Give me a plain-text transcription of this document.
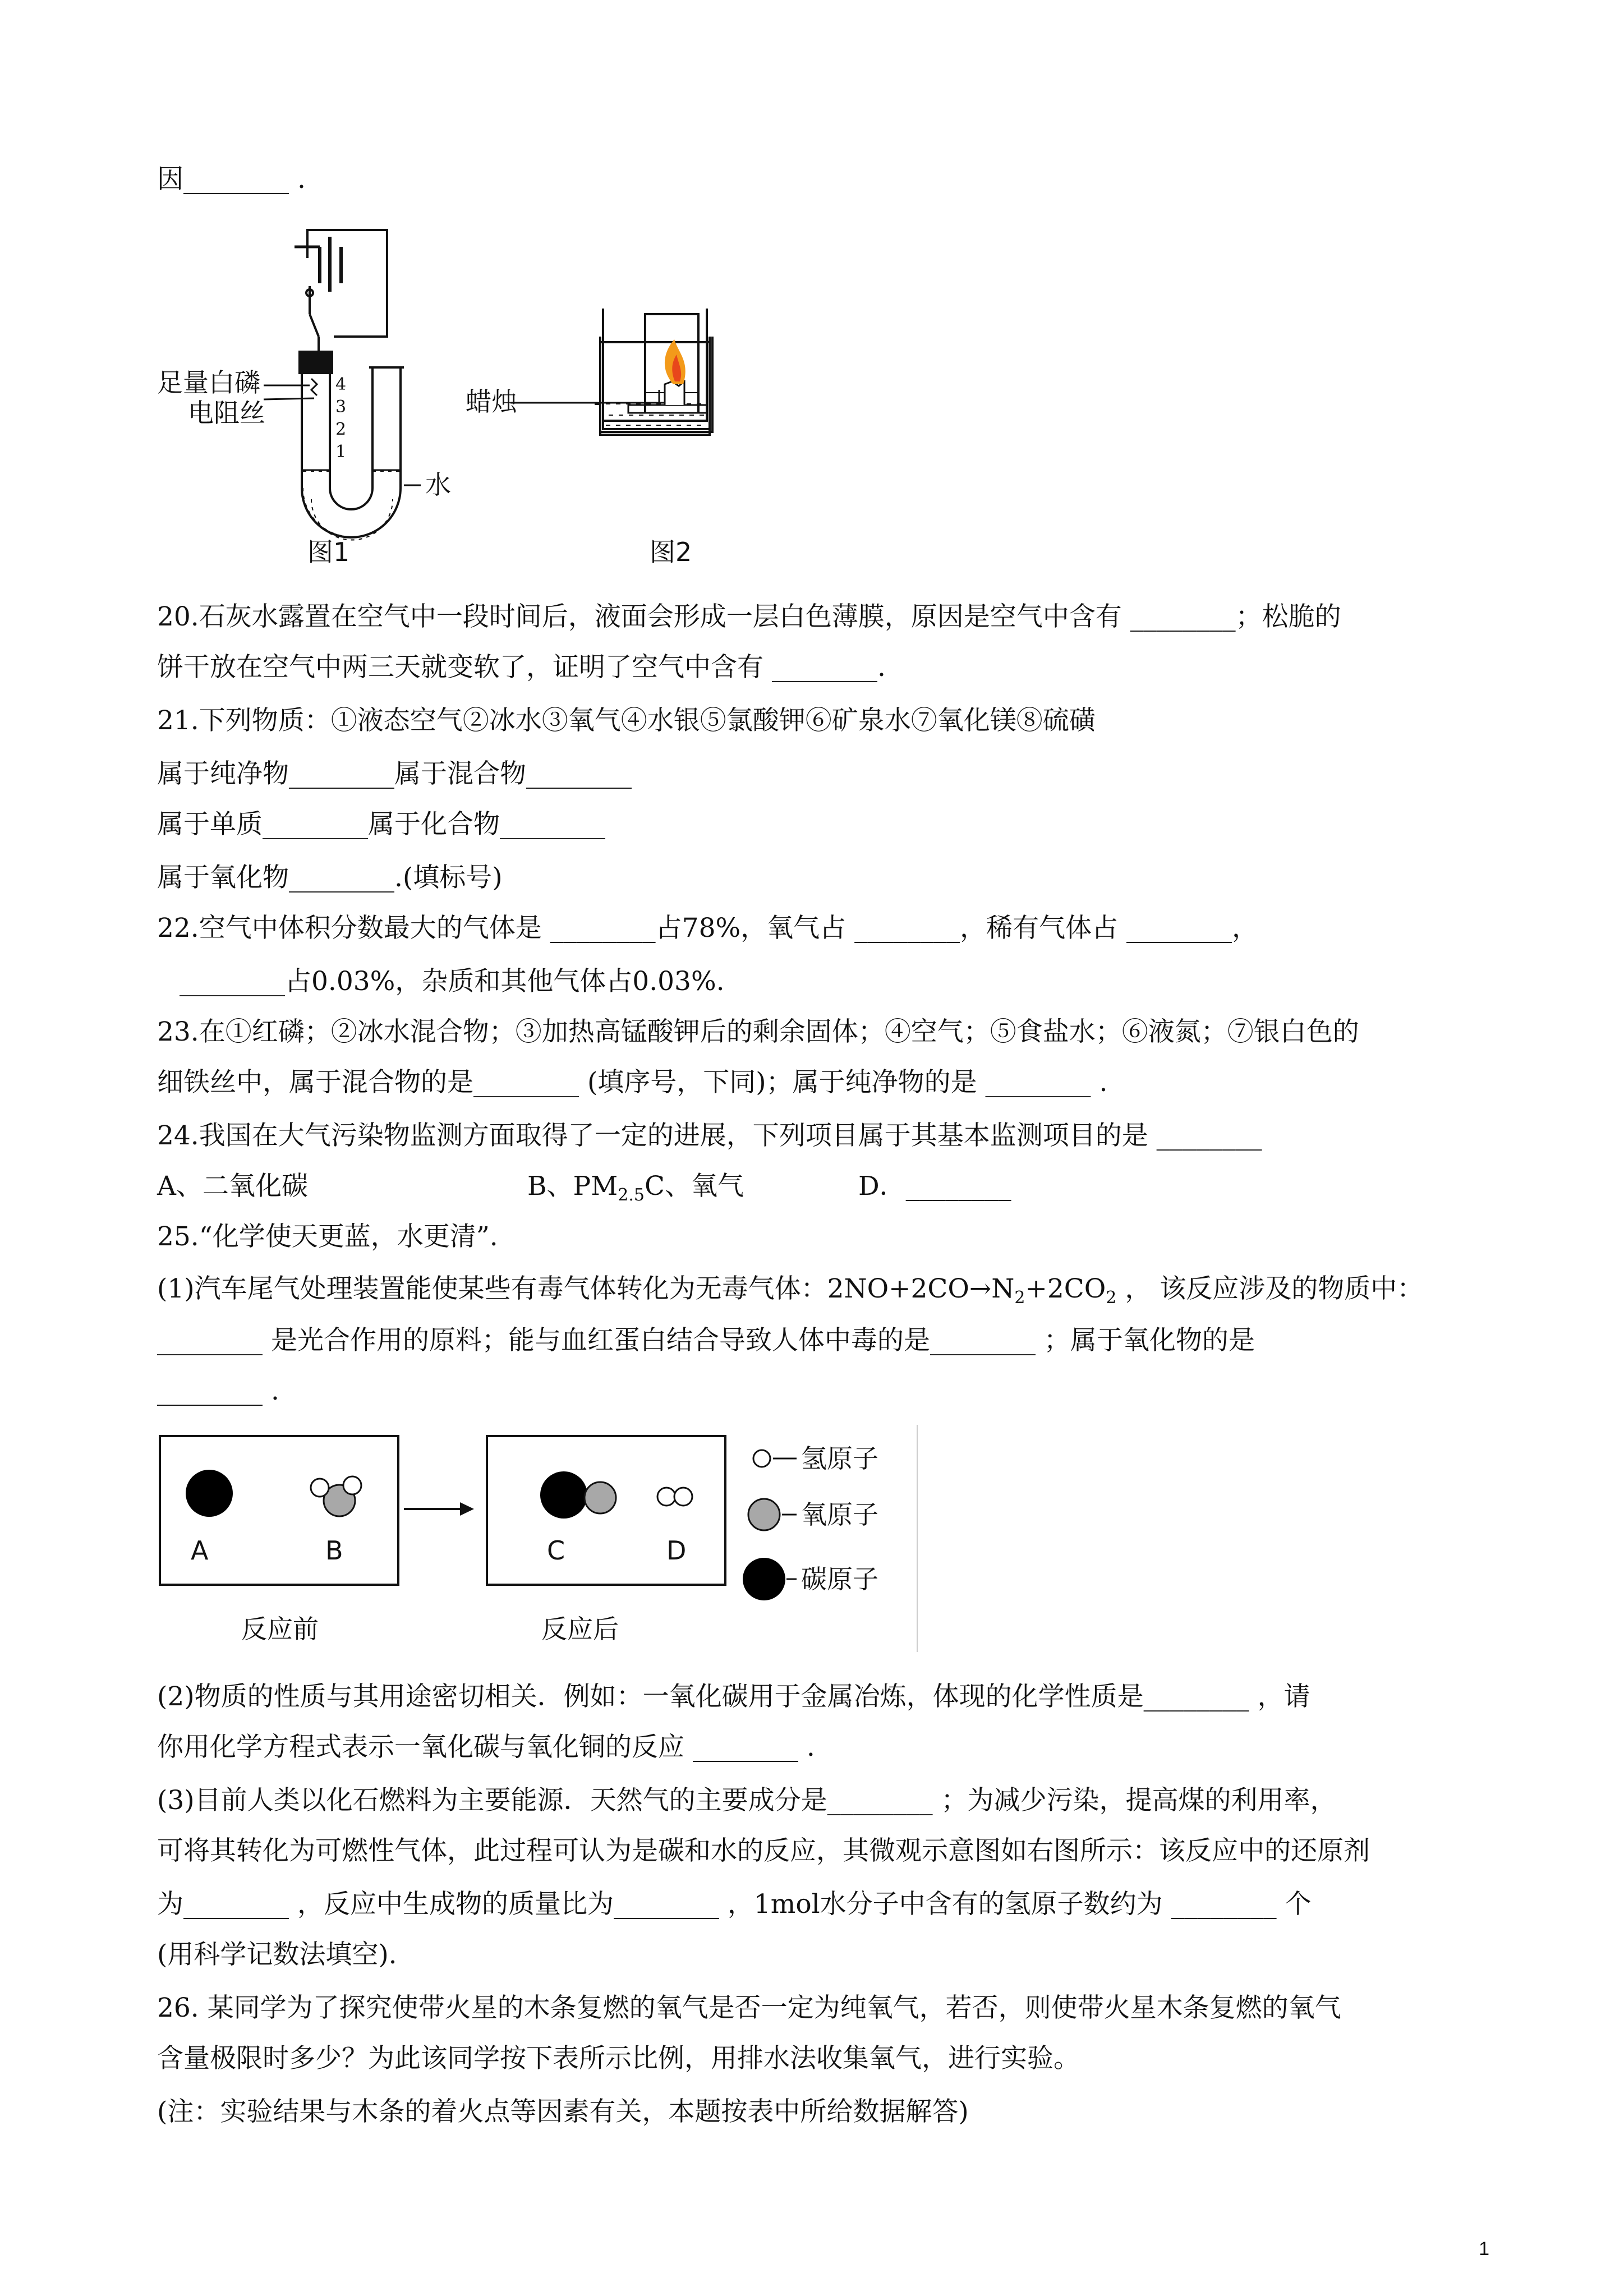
因________ .
4
3
2
1
足量白磷
电阻丝
水
图1
蜡烛
图2
20.石灰水露置在空气中一段时间后，液面会形成一层白色薄膜，原因是空气中含有 ________；松脆的
饼干放在空气中两三天就变软了，证明了空气中含有 ________.
21.下列物质：①液态空气②冰水③氧气④水银⑤氯酸钾⑥矿泉水⑦氧化镁⑧硫磺
属于纯净物________属于混合物________
属于单质________属于化合物________
属于氧化物________.(填标号)
22.空气中体积分数最大的气体是 ________占78%，氧气占 ________，稀有气体占 ________，
________占0.03%，杂质和其他气体占0.03%.
23.在①红磷；②冰水混合物；③加热高锰酸钾后的剩余固体；④空气；⑤食盐水；⑥液氮；⑦银白色的
细铁丝中，属于混合物的是________ (填序号，下同)；属于纯净物的是 ________ .
24.我国在大气污染物监测方面取得了一定的进展，下列项目属于其基本监测项目的是 ________
A、二氧化碳	B、$PM_{2.5}C$、氧气	D．________
25.“化学使天更蓝，水更清”.
(1)汽车尾气处理装置能使某些有毒气体转化为无毒气体：$2NO+2CO\to N_2+2CO_2$ ， 该反应涉及的物质中：
________ 是光合作用的原料；能与血红蛋白结合导致人体中毒的是________ ；属于氧化物的是
________ .
A	B	C	D
反应前	反应后
氢原子
氧原子
碳原子
(2)物质的性质与其用途密切相关．例如：一氧化碳用于金属冶炼，体现的化学性质是________ ，请
你用化学方程式表示一氧化碳与氧化铜的反应 ________ .
(3)目前人类以化石燃料为主要能源．天然气的主要成分是________ ；为减少污染，提高煤的利用率，
可将其转化为可燃性气体，此过程可认为是碳和水的反应，其微观示意图如右图所示：该反应中的还原剂
为________ ，反应中生成物的质量比为________ ，1mol水分子中含有的氢原子数约为 ________ 个
(用科学记数法填空).
26. 某同学为了探究使带火星的木条复燃的氧气是否一定为纯氧气，若否，则使带火星木条复燃的氧气
含量极限时多少？为此该同学按下表所示比例，用排水法收集氧气，进行实验。
(注：实验结果与木条的着火点等因素有关，本题按表中所给数据解答)
1
